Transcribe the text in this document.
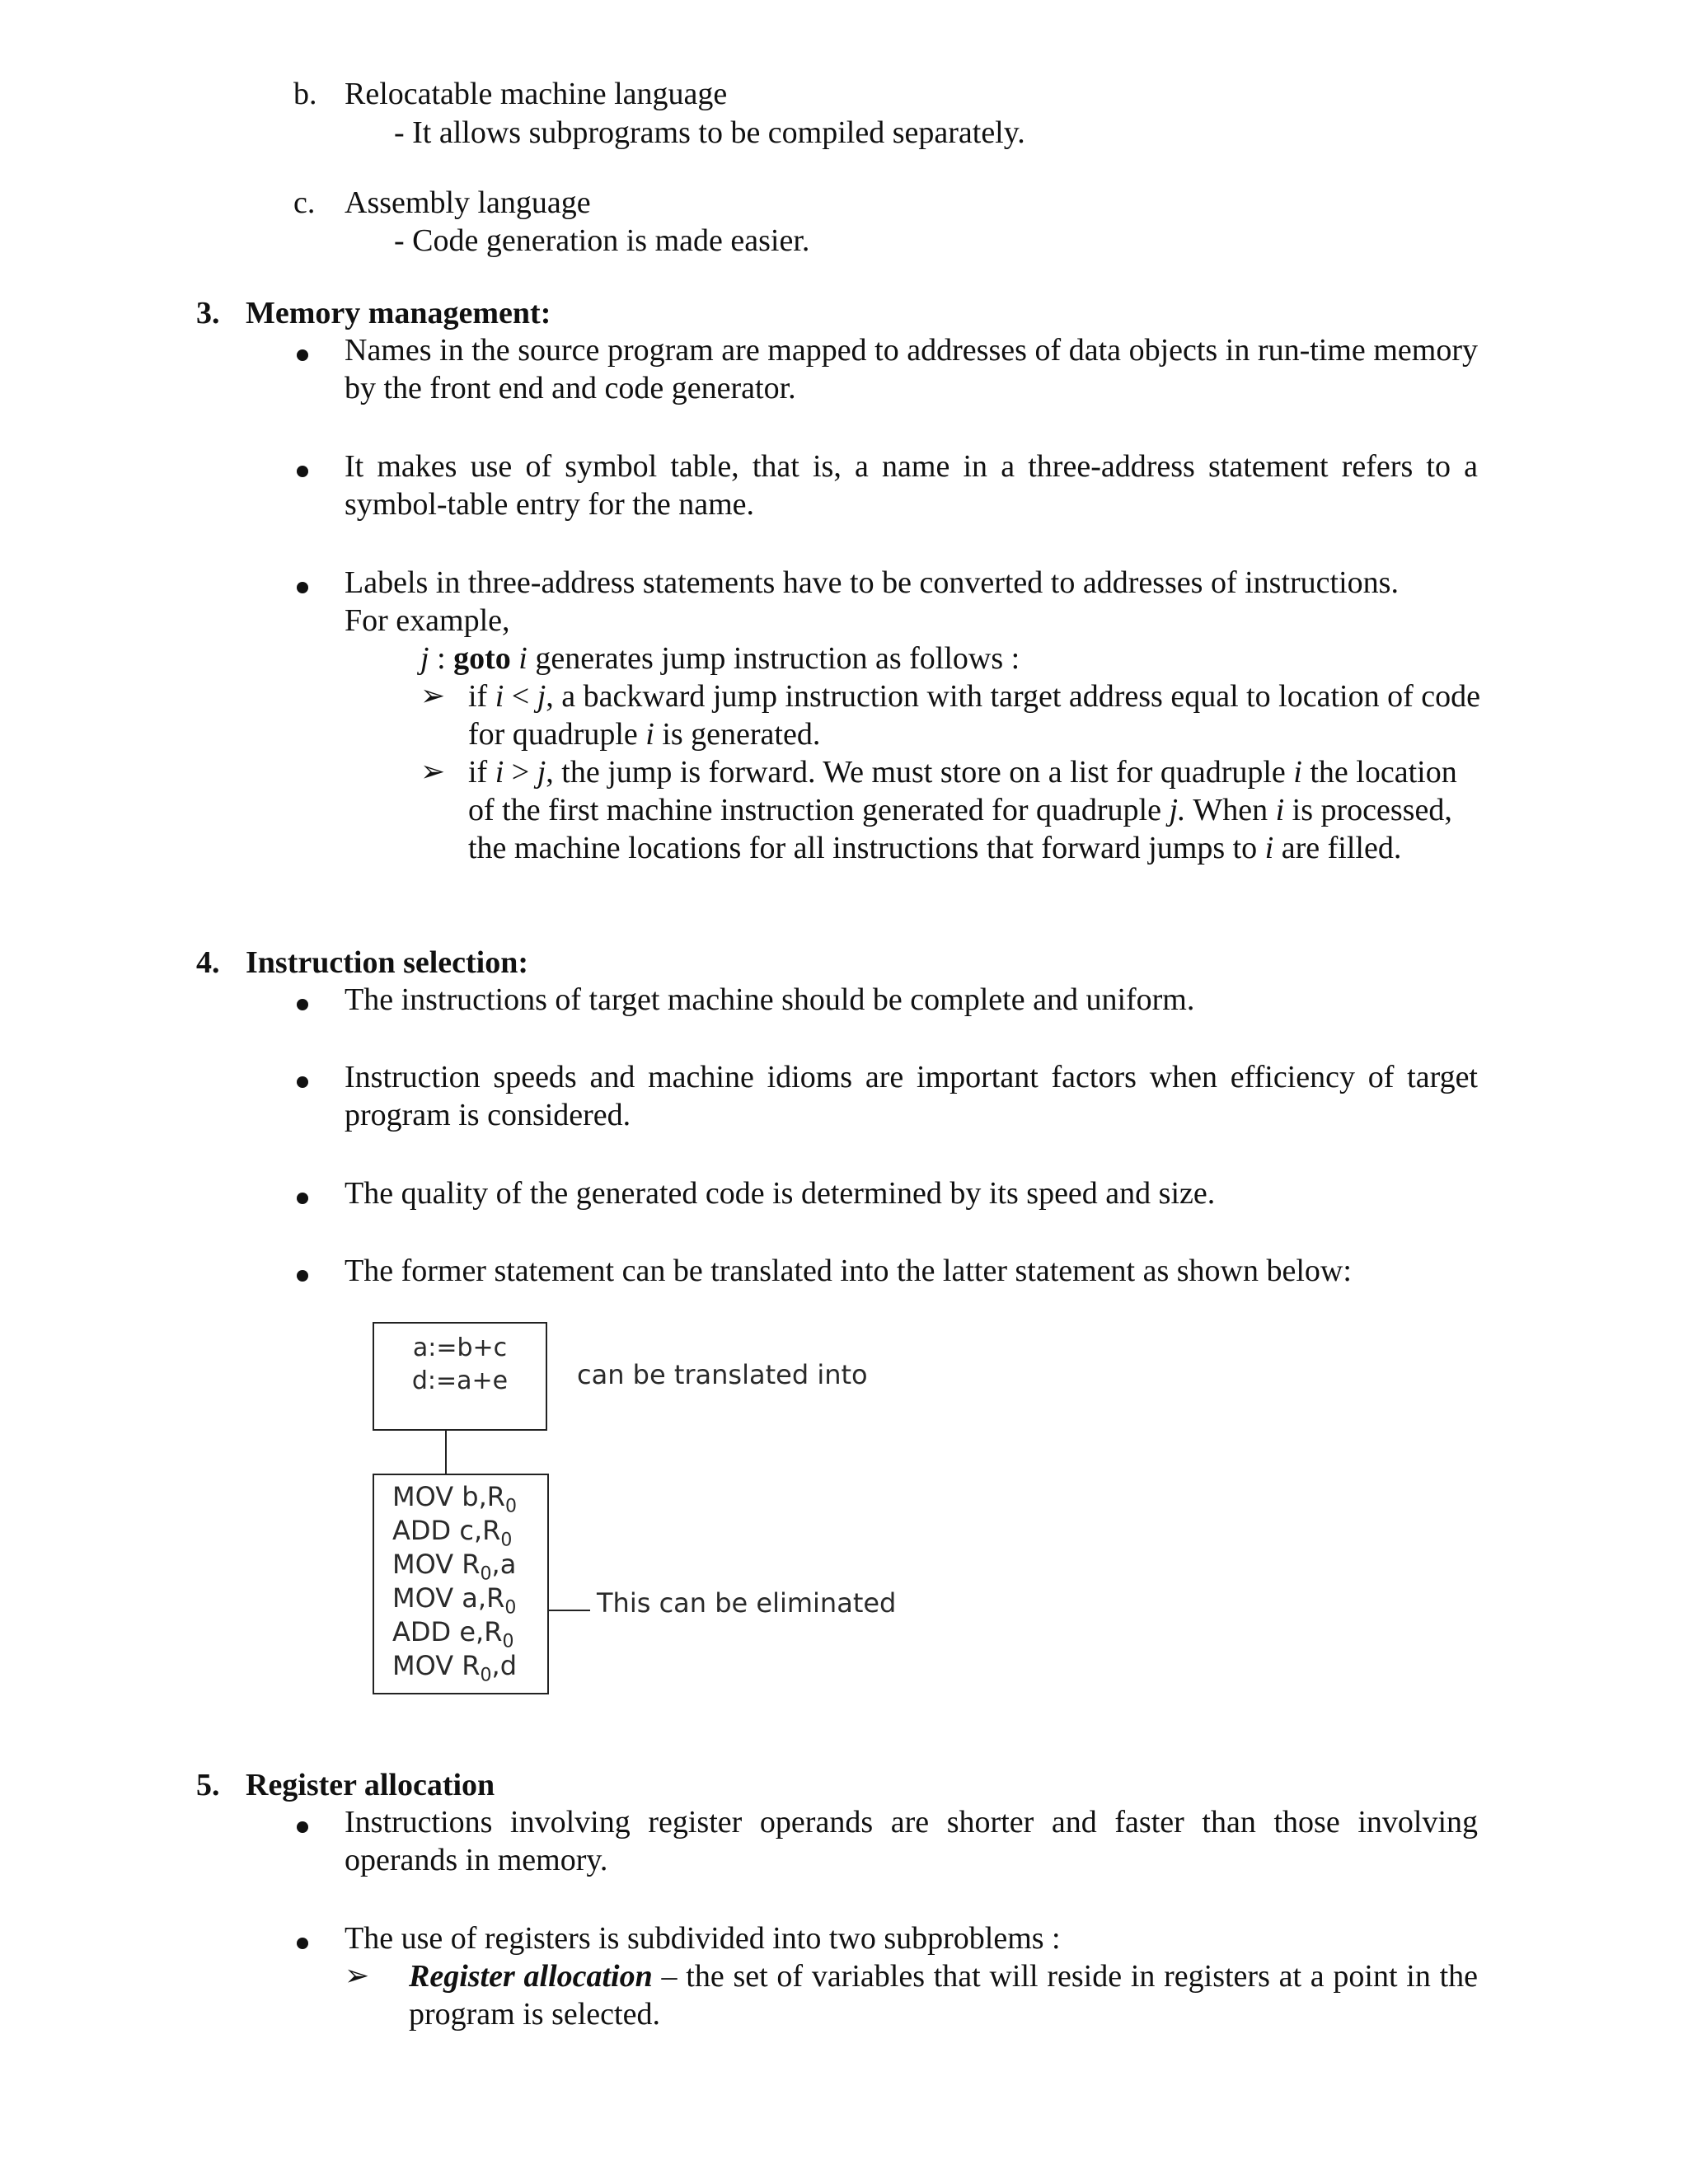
b. Relocatable machine language
- It allows subprograms to be compiled separately.
c. Assembly language
- Code generation is made easier.
3. Memory management:
Names in the source program are mapped to addresses of data objects in run-time memory by the front end and code generator.
It makes use of symbol table, that is, a name in a three-address statement refers to a symbol-table entry for the name.
Labels in three-address statements have to be converted to addresses of instructions.
For example,
j : goto i generates jump instruction as follows :
➢ if i < j, a backward jump instruction with target address equal to location of code for quadruple i is generated.
➢ if i > j, the jump is forward. We must store on a list for quadruple i the location of the first machine instruction generated for quadruple j. When i is processed, the machine locations for all instructions that forward jumps to i are filled.
4. Instruction selection:
The instructions of target machine should be complete and uniform.
Instruction speeds and machine idioms are important factors when efficiency of target program is considered.
The quality of the generated code is determined by its speed and size.
The former statement can be translated into the latter statement as shown below:
a:=b+c
d:=a+e	can be translated into
MOV $b,R_0$
ADD $c,R_0$
MOV $R_0,a$
MOV $a,R_0$
ADD $e,R_0$
MOV $R_0,d$
This can be eliminated
5. Register allocation
Instructions involving register operands are shorter and faster than those involving operands in memory.
The use of registers is subdivided into two subproblems :
➢ Register allocation – the set of variables that will reside in registers at a point in the program is selected.
